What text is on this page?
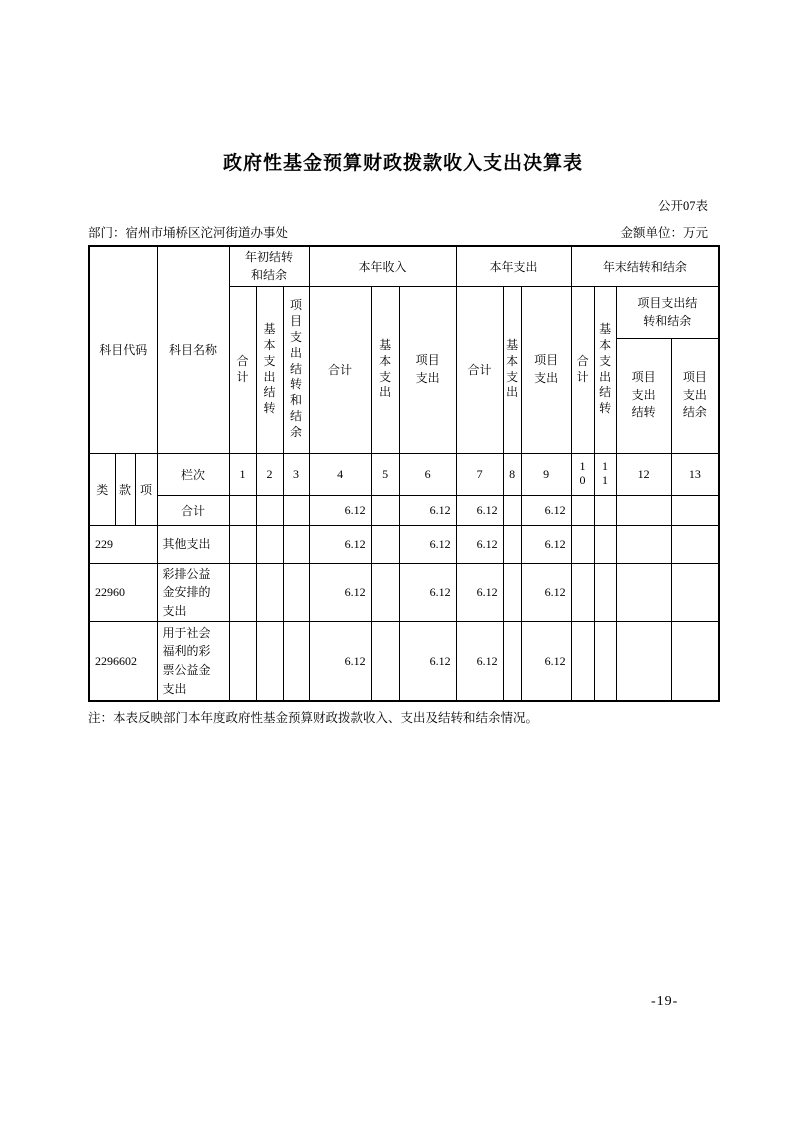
政府性基金预算财政拨款收入支出决算表
公开07表
部门：宿州市埇桥区沱河街道办事处	金额单位：万元
科目代码			科目名称	年初结转和结余			本年收入			本年支出			年末结转和结余			
				合计	基本支出结转	项目支出结转和结余	合计	基本支出	项目支出	合计	基本支出	项目支出	合计	基本支出结转	项目支出结转和结余	
															项目支出结转	项目支出结余
类	款	项	栏次	1	2	3	4	5	6	7	8	9	10	11	12	13
			合计				6.12		6.12	6.12		6.12				
229			其他支出				6.12		6.12	6.12		6.12				
22960			彩排公益金安排的支出				6.12		6.12	6.12		6.12				
2296602			用于社会福利的彩票公益金支出				6.12		6.12	6.12		6.12				
注：本表反映部门本年度政府性基金预算财政拨款收入、支出及结转和结余情况。
-19-
